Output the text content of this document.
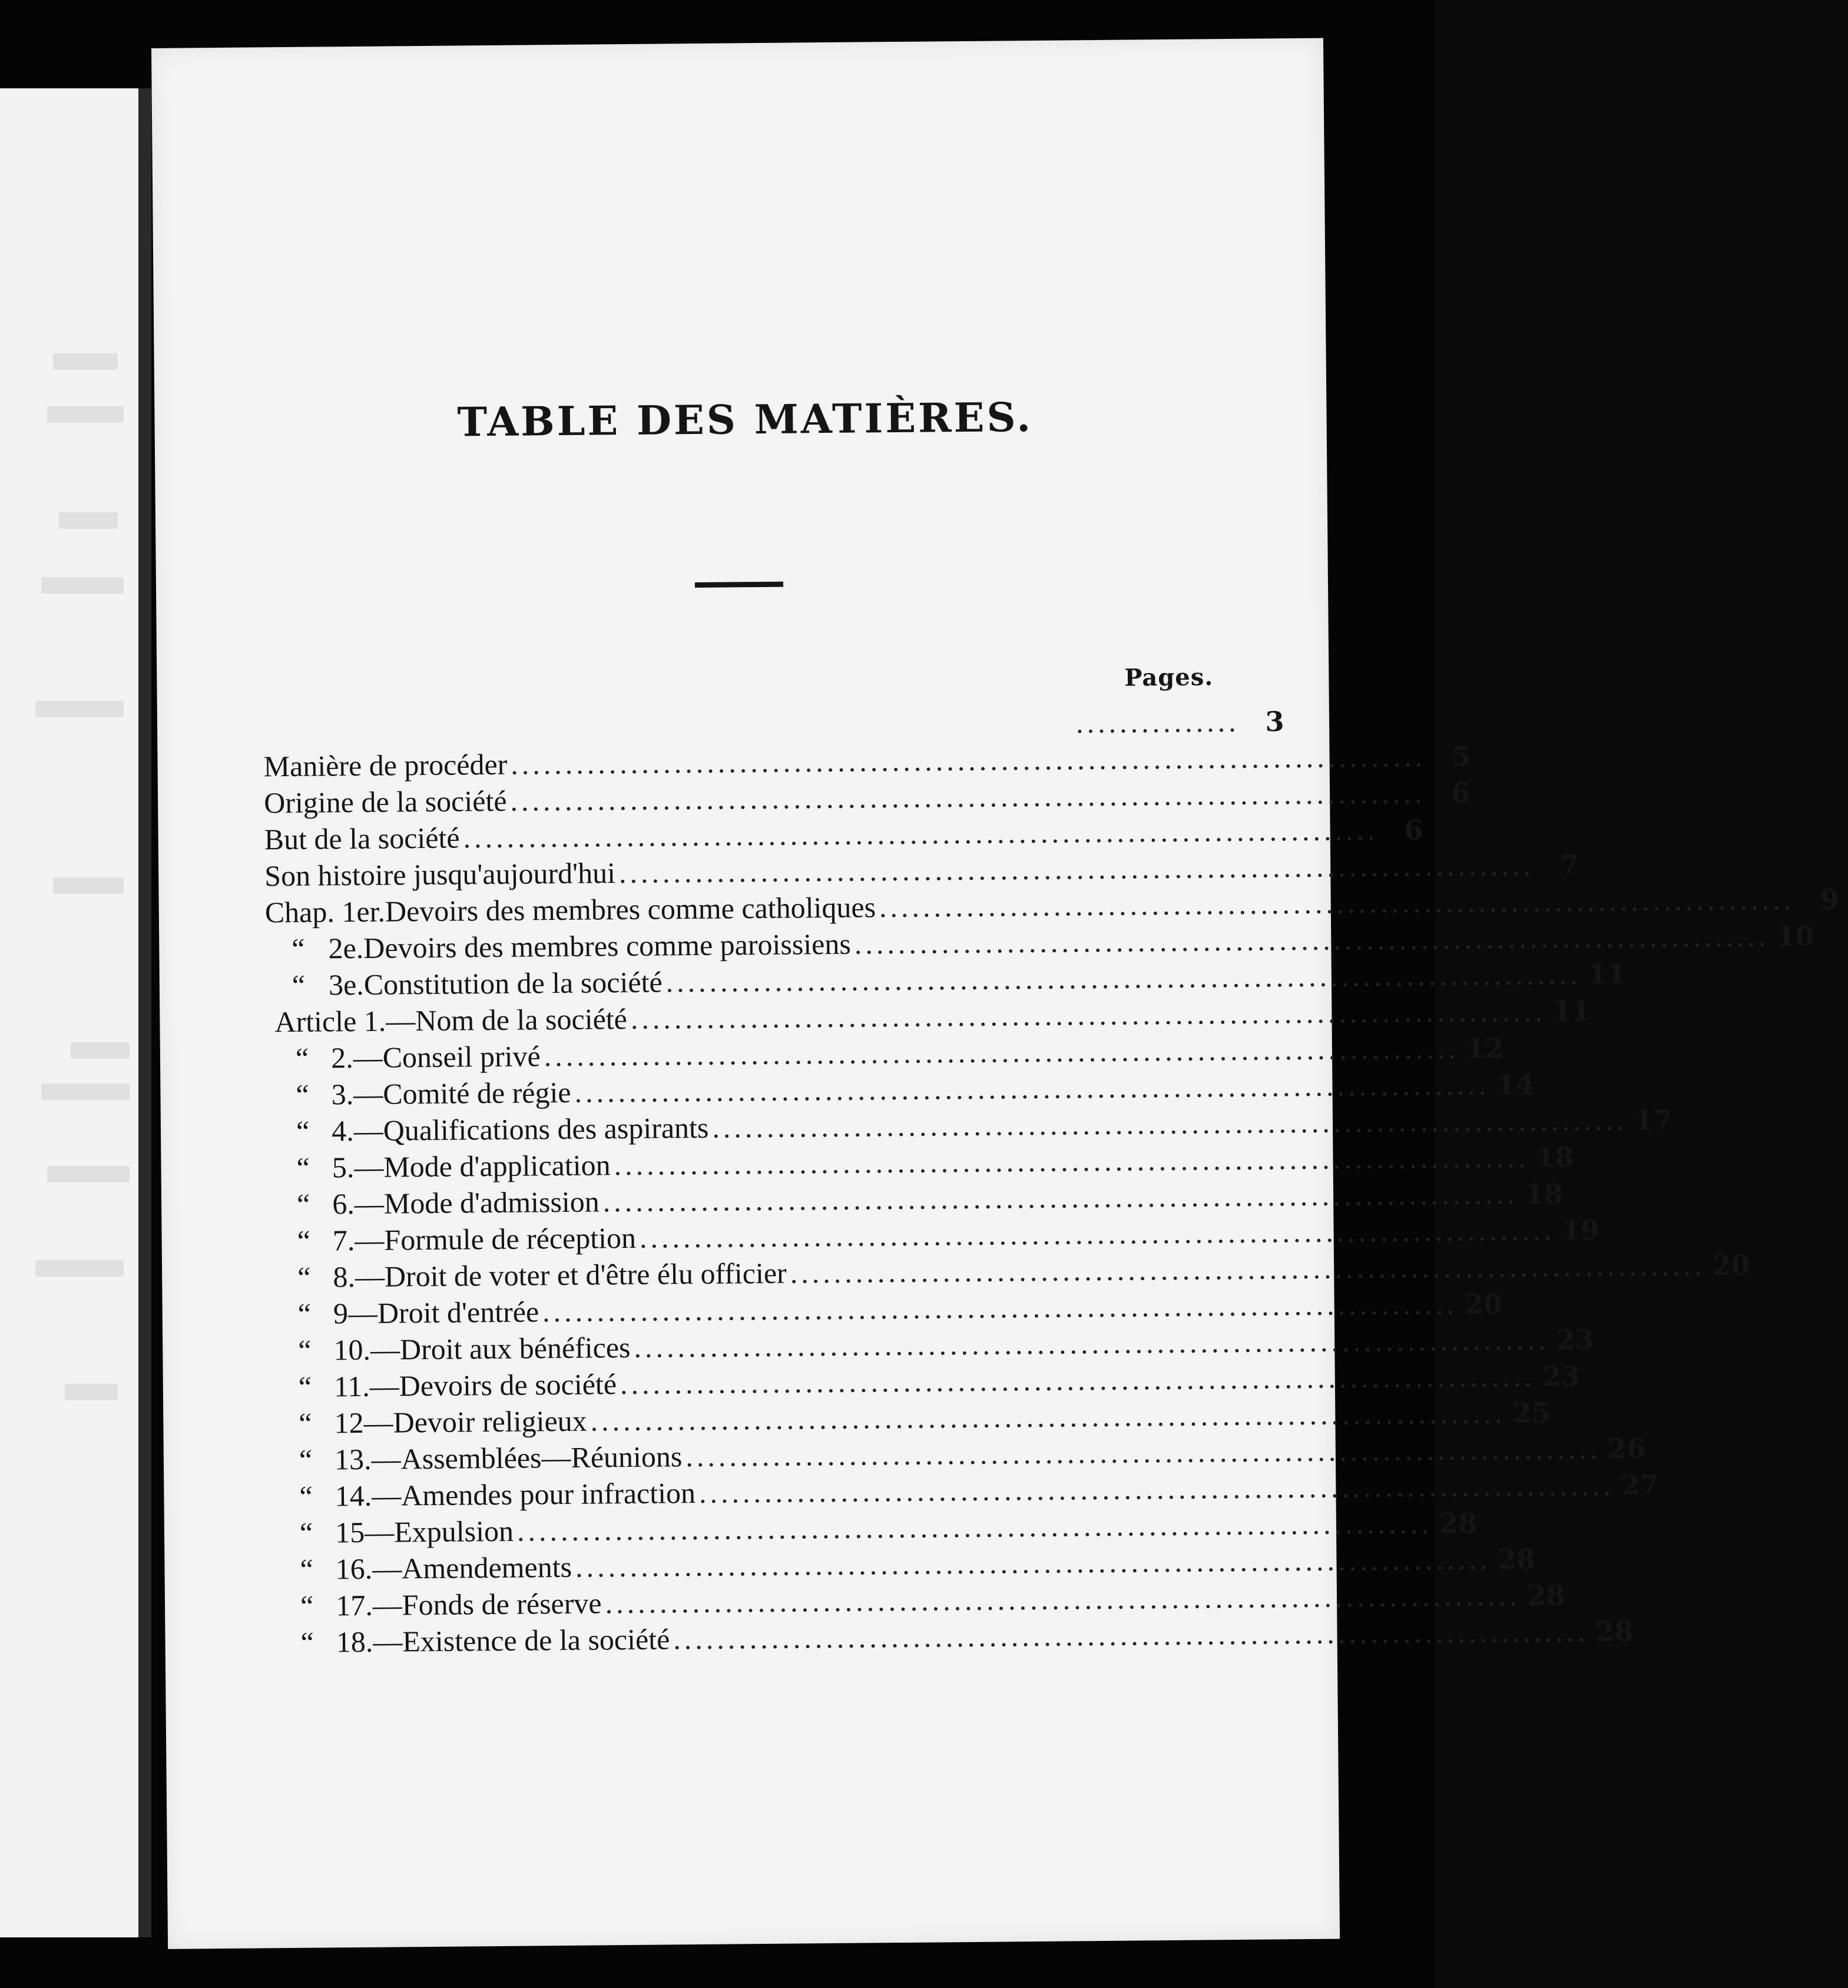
TABLE DES MATIÈRES.
Pages.
............... 3
Manière de procéder .................................................................................... 5
Origine de la société .................................................................................... 6
But de la société .................................................................................... 6
Son histoire jusqu'aujourd'hui .................................................................................... 7
Chap. 1er. Devoirs des membres comme catholiques .................................................................................... 9
“ 2e. Devoirs des membres comme paroissiens .................................................................................... 10
“ 3e. Constitution de la société .................................................................................... 11
Article 1. —Nom de la société .................................................................................... 11
“ 2. —Conseil privé .................................................................................... 12
“ 3. —Comité de régie .................................................................................... 14
“ 4. —Qualifications des aspirants .................................................................................... 17
“ 5. —Mode d'application .................................................................................... 18
“ 6. —Mode d'admission .................................................................................... 18
“ 7. —Formule de réception .................................................................................... 19
“ 8. —Droit de voter et d'être élu officier .................................................................................... 20
“ 9 —Droit d'entrée .................................................................................... 20
“ 10. —Droit aux bénéfices .................................................................................... 23
“ 11. —Devoirs de société .................................................................................... 23
“ 12 —Devoir religieux .................................................................................... 25
“ 13. —Assemblées—Réunions .................................................................................... 26
“ 14. —Amendes pour infraction .................................................................................... 27
“ 15 —Expulsion .................................................................................... 28
“ 16. —Amendements .................................................................................... 28
“ 17. —Fonds de réserve .................................................................................... 28
“ 18. —Existence de la société .................................................................................... 28
